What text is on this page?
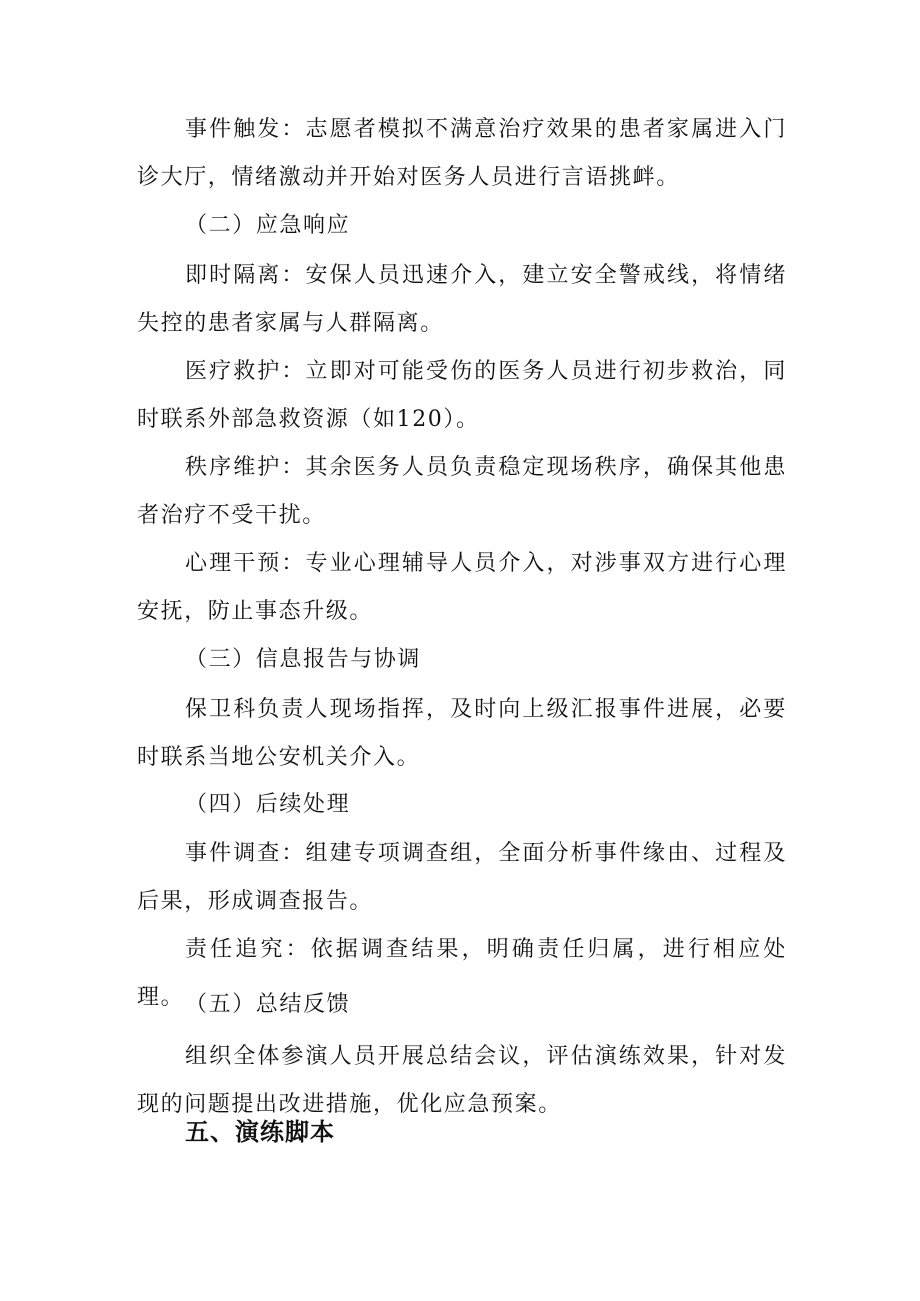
事件触发：志愿者模拟不满意治疗效果的患者家属进入门诊大厅，情绪激动并开始对医务人员进行言语挑衅。

（二）应急响应

即时隔离：安保人员迅速介入，建立安全警戒线，将情绪失控的患者家属与人群隔离。

医疗救护：立即对可能受伤的医务人员进行初步救治，同时联系外部急救资源（如120）。

秩序维护：其余医务人员负责稳定现场秩序，确保其他患者治疗不受干扰。

心理干预：专业心理辅导人员介入，对涉事双方进行心理安抚，防止事态升级。

（三）信息报告与协调

保卫科负责人现场指挥，及时向上级汇报事件进展，必要时联系当地公安机关介入。

（四）后续处理

事件调查：组建专项调查组，全面分析事件缘由、过程及后果，形成调查报告。

责任追究：依据调查结果，明确责任归属，进行相应处理。 （五）总结反馈

组织全体参演人员开展总结会议，评估演练效果，针对发现的问题提出改进措施，优化应急预案。

五、演练脚本
